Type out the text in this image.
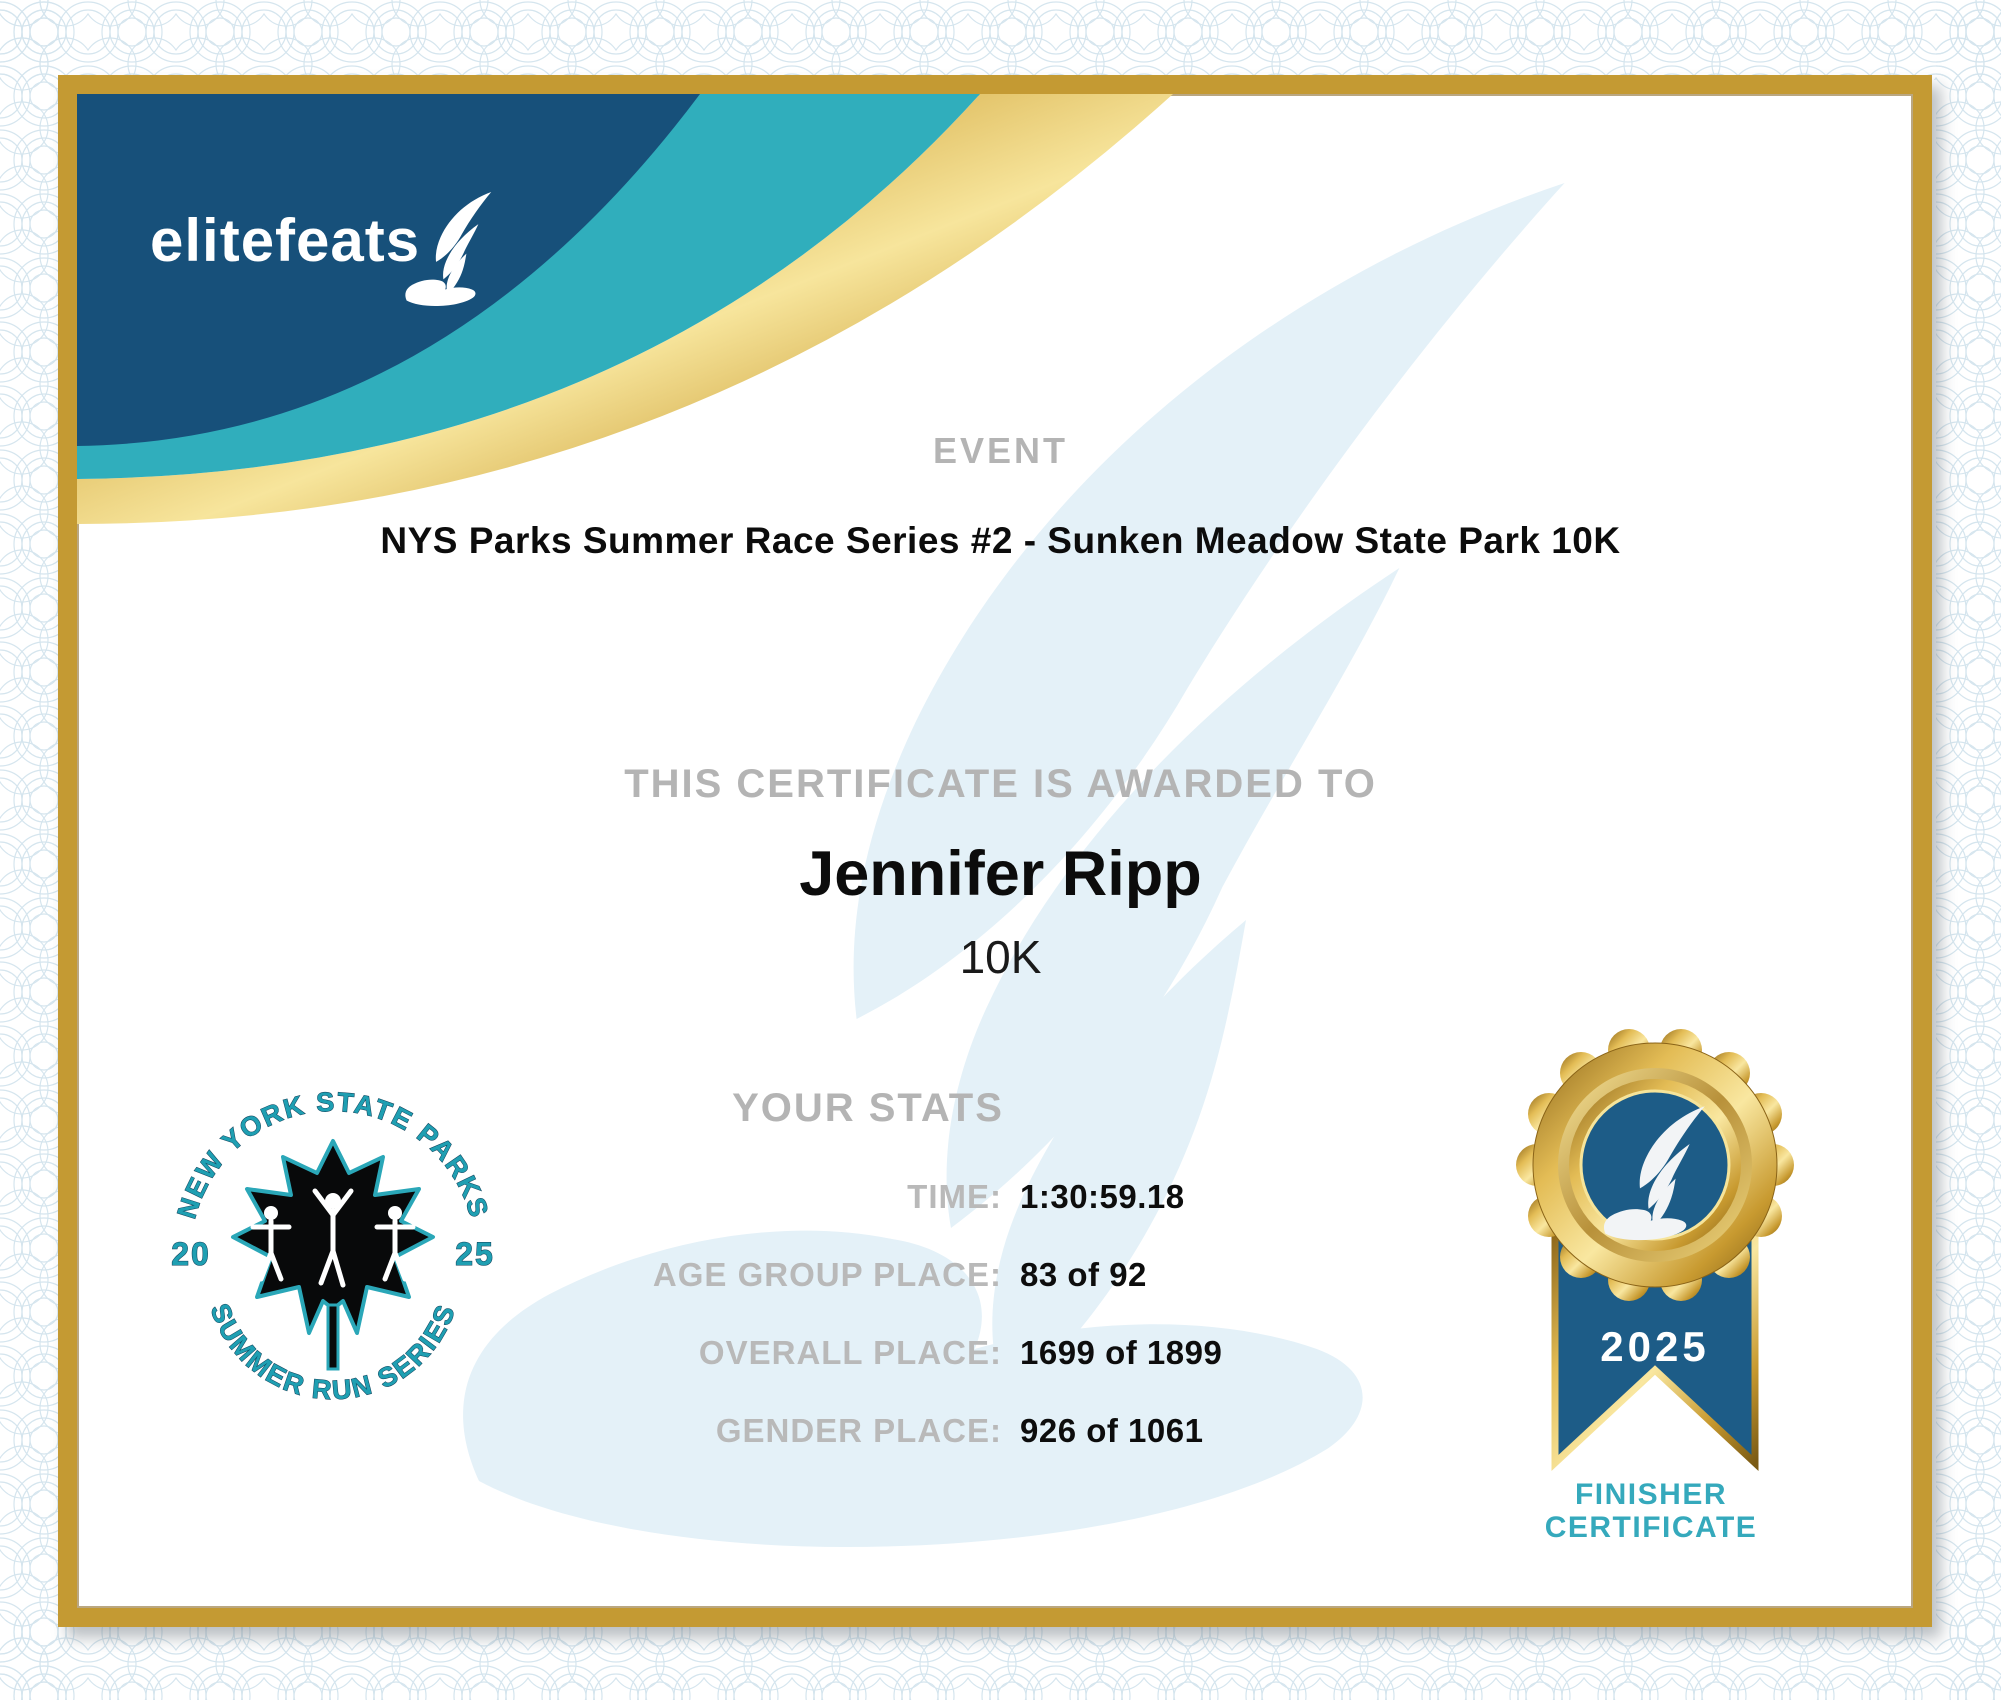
elitefeats
EVENT
NYS Parks Summer Race Series #2 - Sunken Meadow State Park 10K
THIS CERTIFICATE IS AWARDED TO
Jennifer Ripp
10K
YOUR STATS
TIME: 1:30:59.18
AGE GROUP PLACE: 83 of 92
OVERALL PLACE: 1699 of 1899
GENDER PLACE: 926 of 1061
NEW YORK STATE PARKS
SUMMER RUN SERIES
20	25
2025
FINISHER
CERTIFICATE
